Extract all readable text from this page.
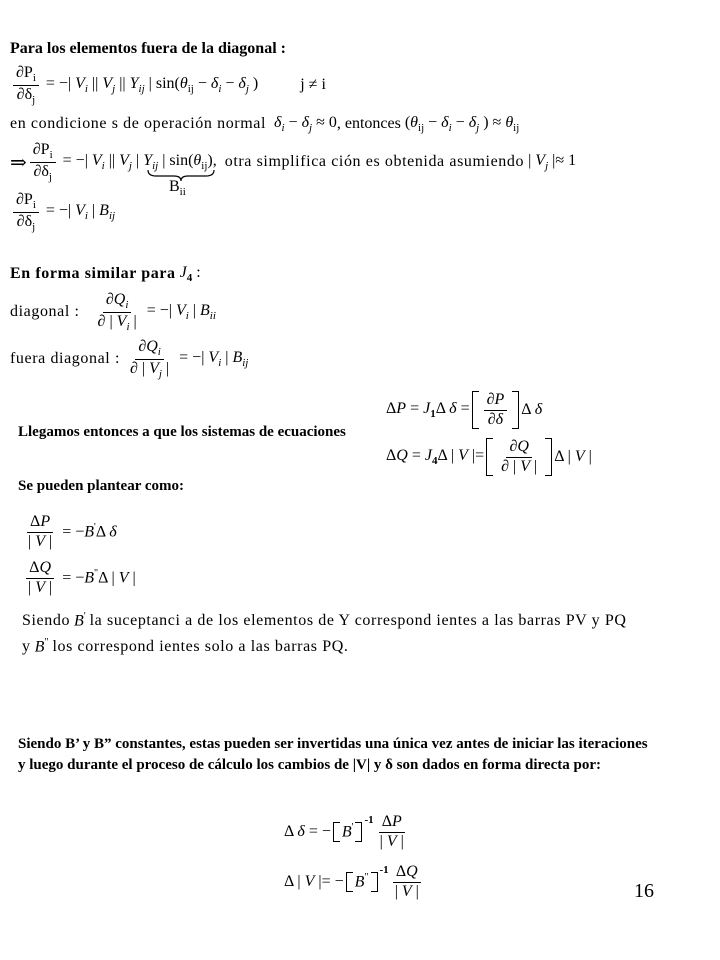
Para los elementos fuera de la diagonal :
$\frac{\partial P_i}{\partial\delta_j}$ = −| $V_i$ || $V_j$ || $Y_{ij}$ | $\sin(\theta_{ij} - \delta_i - \delta_j$ )	j ≠ i
en condicione s de operación normal $\delta_i - \delta_j \approx 0$ , entonces ($\theta_{ij} - \delta_i - \delta_j$ ) ≈ $\theta_{ij}$
⇒ $\frac{\partial P_i}{\partial\delta_j}$ = −| $V_i$ || $V_j$ | $Y_{ij}$ | $\sin(\theta_{ij})$, otra simplifica ción es obtenida asumiendo | $V_j$ |≈ 1
$B_{ii}$
$\frac{\partial P_i}{\partial\delta_j}$ = −| $V_i$ | $B_{ij}$
En forma similar para $J_4$ :
diagonal : $\frac{\partial Q_i}{\partial | V_i |}$ = −| $V_i$ | $B_{ii}$
fuera diagonal : $\frac{\partial Q_i}{\partial | V_j |}$ = −| $V_i$ | $B_{ij}$
$\Delta P = J_1\Delta$ $\delta = \frac{\partial P}{\partial\delta}$ Δ δ
$\Delta Q = J_4\Delta$ | V |= $\frac{\partial Q}{\partial | V |}$ Δ | V |
Llegamos entonces a que los sistemas de ecuaciones
Se pueden plantear como:
$\frac{\Delta P}{| V |} = -B'\Delta$ δ
$\frac{\Delta Q}{| V |} = -B^"\Delta$ | V |
Siendo B' la suceptanci a de los elementos de Y correspond ientes a las barras PV y PQ
y B" los correspond ientes solo a las barras PQ.
Siendo B’ y B” constantes, estas pueden ser invertidas una única vez antes de iniciar las iteraciones
y luego durante el proceso de cálculo los cambios de |V| y δ son dados en forma directa por:
Δ δ = − B'
$-1 \frac{\Delta P}{| V |}$
Δ | V |= − B"
$-1 \frac{\Delta Q}{| V |}$	16
